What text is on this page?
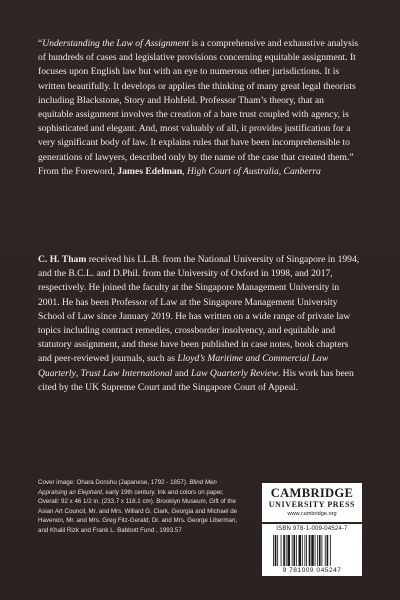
“Understanding the Law of Assignment is a comprehensive and exhaustive analysis of hundreds of cases and legislative provisions concerning equitable assignment. It focuses upon English law but with an eye to numerous other jurisdictions. It is written beautifully. It develops or applies the thinking of many great legal theorists including Blackstone, Story and Hohfeld. Professor Tham’s theory, that an equitable assignment involves the creation of a bare trust coupled with agency, is sophisticated and elegant. And, most valuably of all, it provides justification for a very significant body of law. It explains rules that have been incomprehensible to generations of lawyers, described only by the name of the case that created them.”

From the Foreword, James Edelman, High Court of Australia, Canberra

C. H. Tham received his LL.B. from the National University of Singapore in 1994, and the B.C.L. and D.Phil. from the University of Oxford in 1998, and 2017, respectively. He joined the faculty at the Singapore Management University in 2001. He has been Professor of Law at the Singapore Management University School of Law since January 2019. He has written on a wide range of private law topics including contract remedies, crossborder insolvency, and equitable and statutory assignment, and these have been published in case notes, book chapters and peer-reviewed journals, such as Lloyd’s Maritime and Commercial Law Quarterly, Trust Law International and Law Quarterly Review. His work has been cited by the UK Supreme Court and the Singapore Court of Appeal.

Cover image: Ohara Donshu (Japanese, 1792 - 1857). Blind Men Appraising an Elephant, early 19th century. Ink and colors on paper, Overall: 92 x 46 1/2 in. (233.7 x 118.1 cm). Brooklyn Museum, Gift of the Asian Art Council, Mr. and Mrs. Willard G. Clark, Georgia and Michael de Havenon, Mr. and Mrs. Greg Fitz-Gerald, Dr. and Mrs. George Liberman, and Khalil Rizk and Frank L. Babbott Fund , 1993.57
CAMBRIDGE
UNIVERSITY PRESS
www.cambridge.org
ISBN 978-1-009-04524-7
9 781009 045247
